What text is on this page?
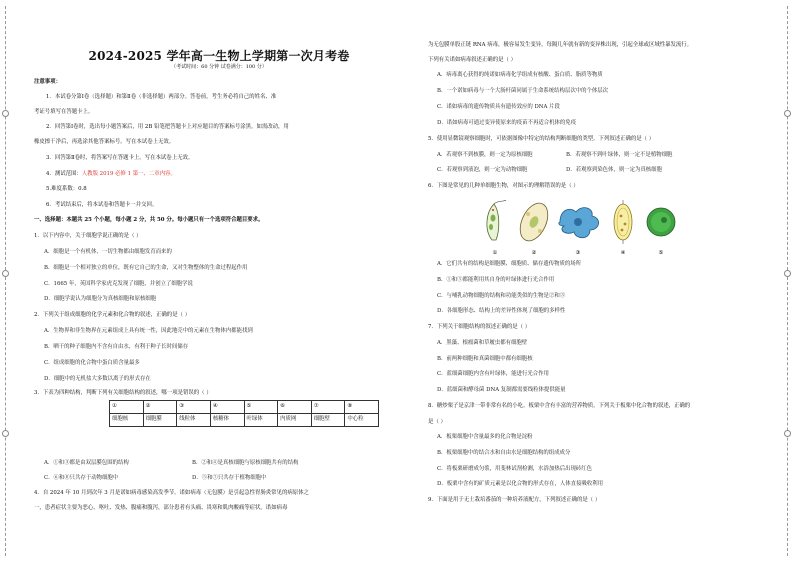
2024-2025 学年高一生物上学期第一次月考卷
（考试时间：60 分钟 试卷满分：100 分）
注意事项：
1．本试卷分第Ⅰ卷（选择题）和第Ⅱ卷（非选择题）两部分。答卷前，考生务必将自己的姓名、准
考证号填写在答题卡上。
2．回答第Ⅰ卷时，选出每小题答案后，用 2B 铅笔把答题卡上对应题目的答案标号涂黑。如需改动，用
橡皮擦干净后，再选涂其他答案标号。写在本试卷上无效。
3．回答第Ⅱ卷时，将答案写在答题卡上。写在本试卷上无效。
4．测试范围：人教版 2019 必修 1 第一、二章内容。
5.难度系数：0.8
6．考试结束后，将本试卷和答题卡一并交回。
一、选择题：本题共 25 个小题，每小题 2 分，共 50 分。每小题只有一个选项符合题目要求。
1．以下内容中，关于细胞学说正确的是（ ）
A．细胞是一个有机体，一切生物都由细胞发育而来的
B．细胞是一个相对独立的单位，既有它自己的生命，又对生物整体的生命过程起作用
C．1665 年，英国科学家虎克发现了细胞，并创立了细胞学说
D．细胞学说认为细胞分为真核细胞和原核细胞
2．下列关于组成细胞的化学元素和化合物的叙述，正确的是（ ）
A．生物界和非生物界在元素组成上具有统一性，因此地壳中的元素在生物体内都能找到
B．晒干的种子细胞内不含有自由水，有利于种子长时间储存
C．组成细胞的化合物中蛋白质含量最多
D．细胞中的无机盐大多数以离子的形式存在
3．下表为四种结构，判断下列有关细胞结构的叙述，哪一项是错误的（ ）
①	②	③	④	⑤	⑥	⑦	⑧
细胞核	细胞膜	线粒体	核糖体	叶绿体	内质网	细胞壁	中心粒
A．①和③都是由双层膜包围的结构	B．②和④是真核细胞与原核细胞共有的结构
C．⑥和⑧只共存于动物细胞中	D．⑤和⑦只共存于植物细胞中
4．自 2024 年 10 月到次年 3 月是诺如病毒感染高发季节。诺如病毒（无包膜）是引起急性胃肠炎常见的病原体之
一，患者症状主要为恶心、呕吐、发热、腹痛和腹泻，部分患者有头痛、畏寒和肌肉酸痛等症状。诺如病毒
为无包膜单股正链 RNA 病毒，极容易发生变异，每隔几年就有新的变异株出现，引起全球或区域性暴发流行。
下列有关诺如病毒叙述正确的是（ ）
A．病毒离心获得的纯诺如病毒化学组成有核酸、蛋白质、脂质等物质
B．一个诺如病毒与一个大肠杆菌同属于生命系统结构层次中的个体层次
C．诺如病毒的遗传物质具有遗传效应的 DNA 片段
D．诺如病毒可通过变异使原来的疫苗不再适合机体的免疫
5．使用显微镜观察细胞时，可依据图像中特定的结构判断细胞的类型。下列叙述正确的是（ ）
A．若观察不到核膜，则一定为原核细胞	B．若观察不到叶绿体，则一定不是植物细胞
C．若观察到液泡，则一定为动物细胞	D．若观察到染色体，则一定为真核细胞
6．下图是常见的几种单细胞生物，对图示的理解错误的是（ ）
①	②	③	④	⑤
A．它们共有的结构是细胞膜、细胞质、储存遗传物质的场所
B．①和⑤都能利用其自身的叶绿体进行光合作用
C．与哺乳动物细胞的结构和功能类似的生物是②和③
D．各细胞形态、结构上的差异性体现了细胞的多样性
7．下列关于细胞结构的叙述正确的是（ ）
A．黑藻、根瘤菌和草履虫都有细胞壁
B．前两种细胞和真菌细胞中都有细胞核
C．蓝细菌细胞内含有叶绿体，能进行光合作用
D．蓝细菌和酵母菌 DNA 复制都需要线粒体提供能量
8．糖炒栗子是京津一带非常有名的小吃。板栗中含有丰富的营养物质。下列关于板栗中化合物的叙述，正确的
是（ ）
A．板栗细胞中含量最多的化合物是淀粉
B．板栗细胞中的结合水和自由水是细胞结构的组成成分
C．将板栗研磨成匀浆，用斐林试剂检测，水浴加热后出现砖红色
D．板栗中含有的矿质元素是以化合物的形式存在，人体直接吸收利用
9．下面是用于无土栽培番茄的一种培养液配方，下列叙述正确的是（ ）
